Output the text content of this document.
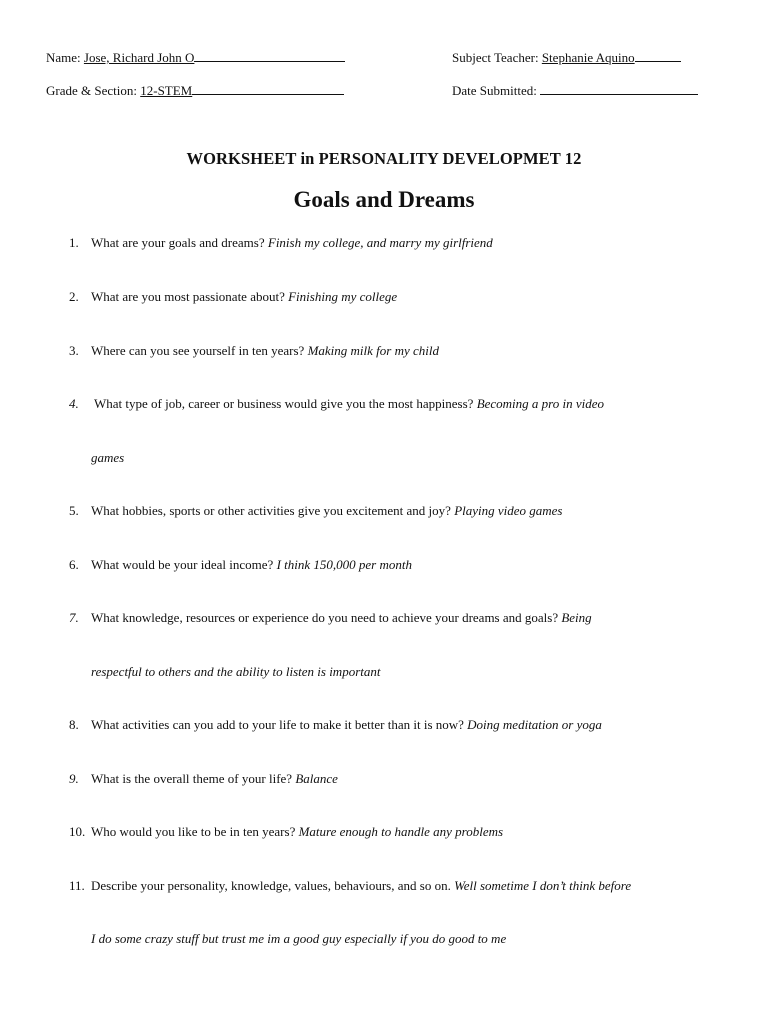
Name: Jose, Richard John O	Subject Teacher: Stephanie Aquino
Grade & Section: 12-STEM	Date Submitted:
WORKSHEET in PERSONALITY DEVELOPMET 12
Goals and Dreams
1. What are your goals and dreams? Finish my college, and marry my girlfriend
2. What are you most passionate about? Finishing my college
3. Where can you see yourself in ten years? Making milk for my child
4.	What type of job, career or business would give you the most happiness? Becoming a pro in video
games
5. What hobbies, sports or other activities give you excitement and joy? Playing video games
6. What would be your ideal income? I think 150,000 per month
7. What knowledge, resources or experience do you need to achieve your dreams and goals? Being
respectful to others and the ability to listen is important
8. What activities can you add to your life to make it better than it is now? Doing meditation or yoga
9. What is the overall theme of your life? Balance
10. Who would you like to be in ten years? Mature enough to handle any problems
11. Describe your personality, knowledge, values, behaviours, and so on. Well sometime I don’t think before
I do some crazy stuff but trust me im a good guy especially if you do good to me
